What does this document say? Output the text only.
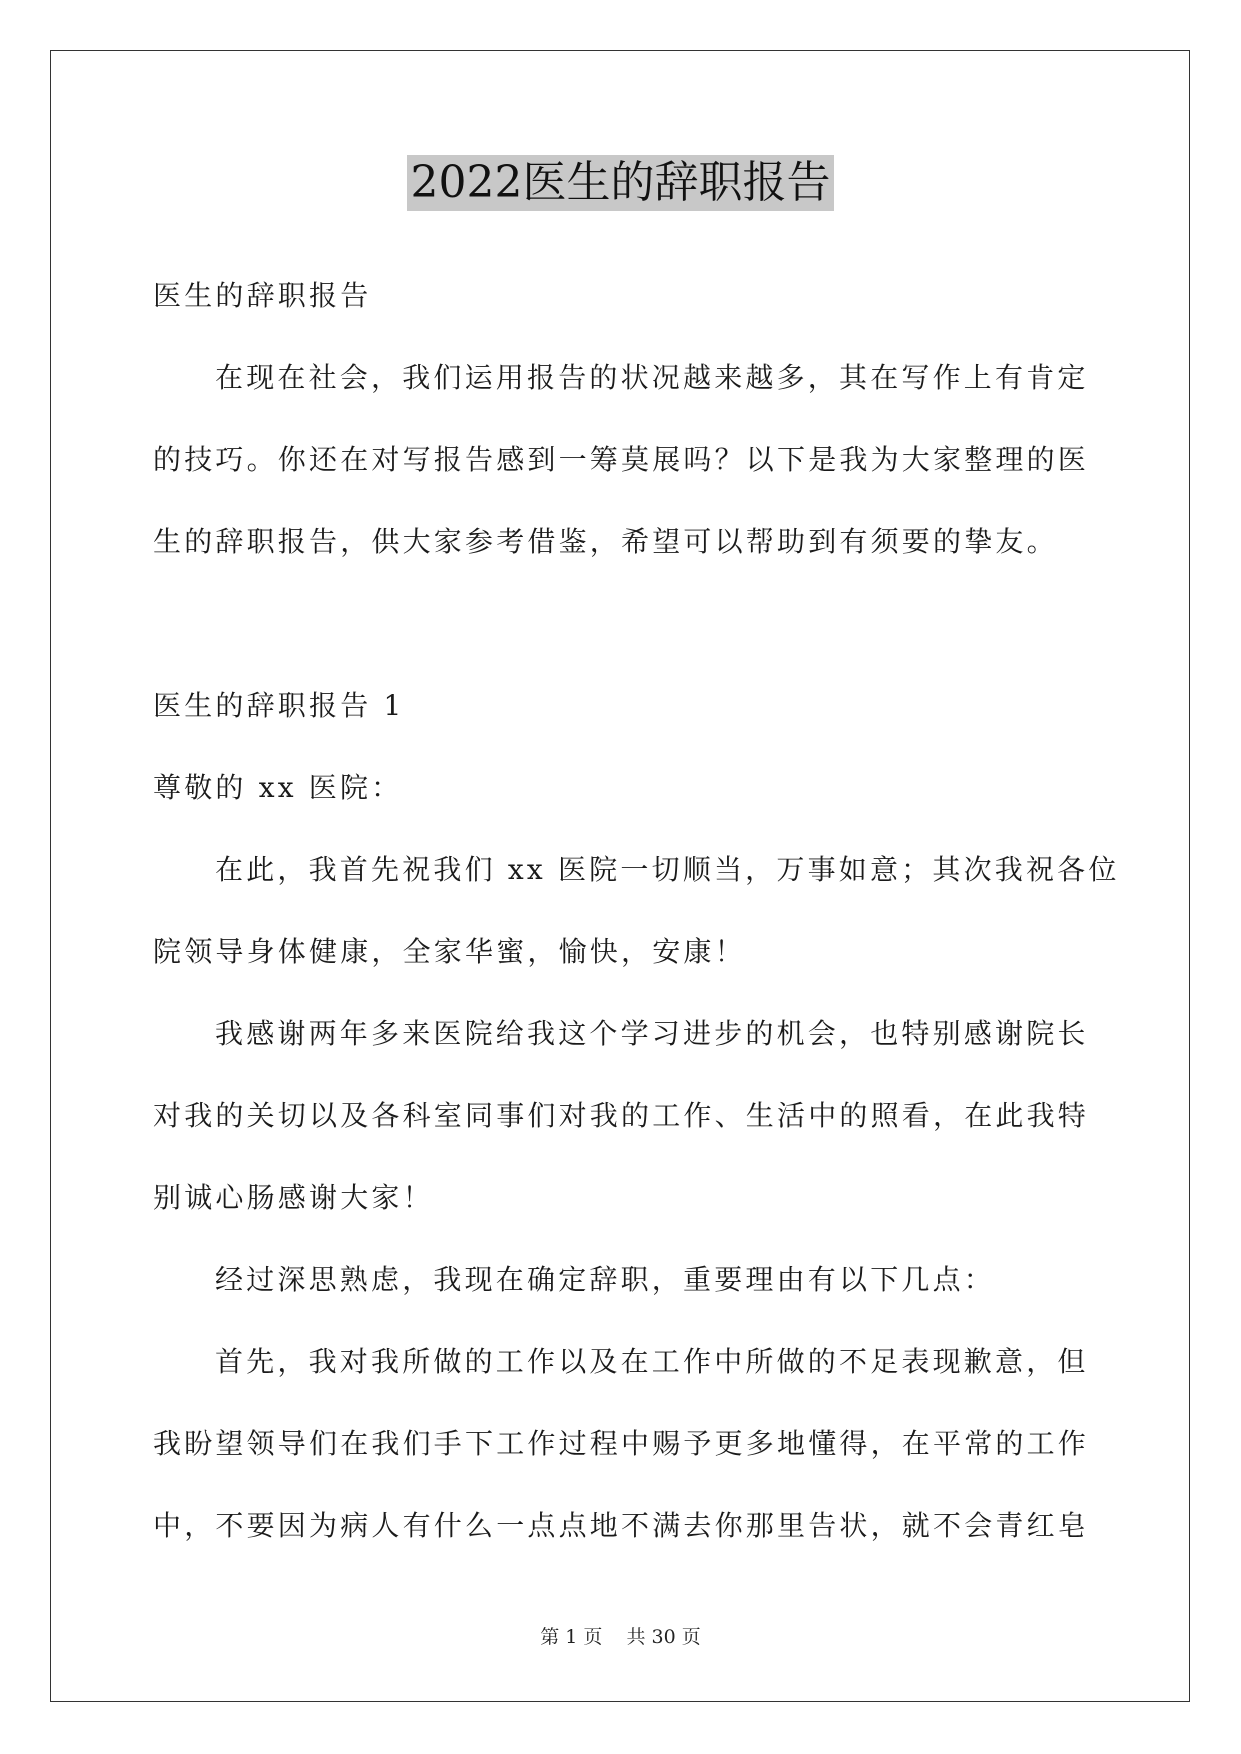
2022医生的辞职报告

医生的辞职报告

在现在社会，我们运用报告的状况越来越多，其在写作上有肯定

的技巧。你还在对写报告感到一筹莫展吗？以下是我为大家整理的医

生的辞职报告，供大家参考借鉴，希望可以帮助到有须要的挚友。

医生的辞职报告 1

尊敬的 xx 医院：

在此，我首先祝我们 xx 医院一切顺当，万事如意；其次我祝各位

院领导身体健康，全家华蜜，愉快，安康！

我感谢两年多来医院给我这个学习进步的机会，也特别感谢院长

对我的关切以及各科室同事们对我的工作、生活中的照看，在此我特

别诚心肠感谢大家！

经过深思熟虑，我现在确定辞职，重要理由有以下几点：

首先，我对我所做的工作以及在工作中所做的不足表现歉意，但

我盼望领导们在我们手下工作过程中赐予更多地懂得，在平常的工作

中，不要因为病人有什么一点点地不满去你那里告状，就不会青红皂

第 1 页 共 30 页
